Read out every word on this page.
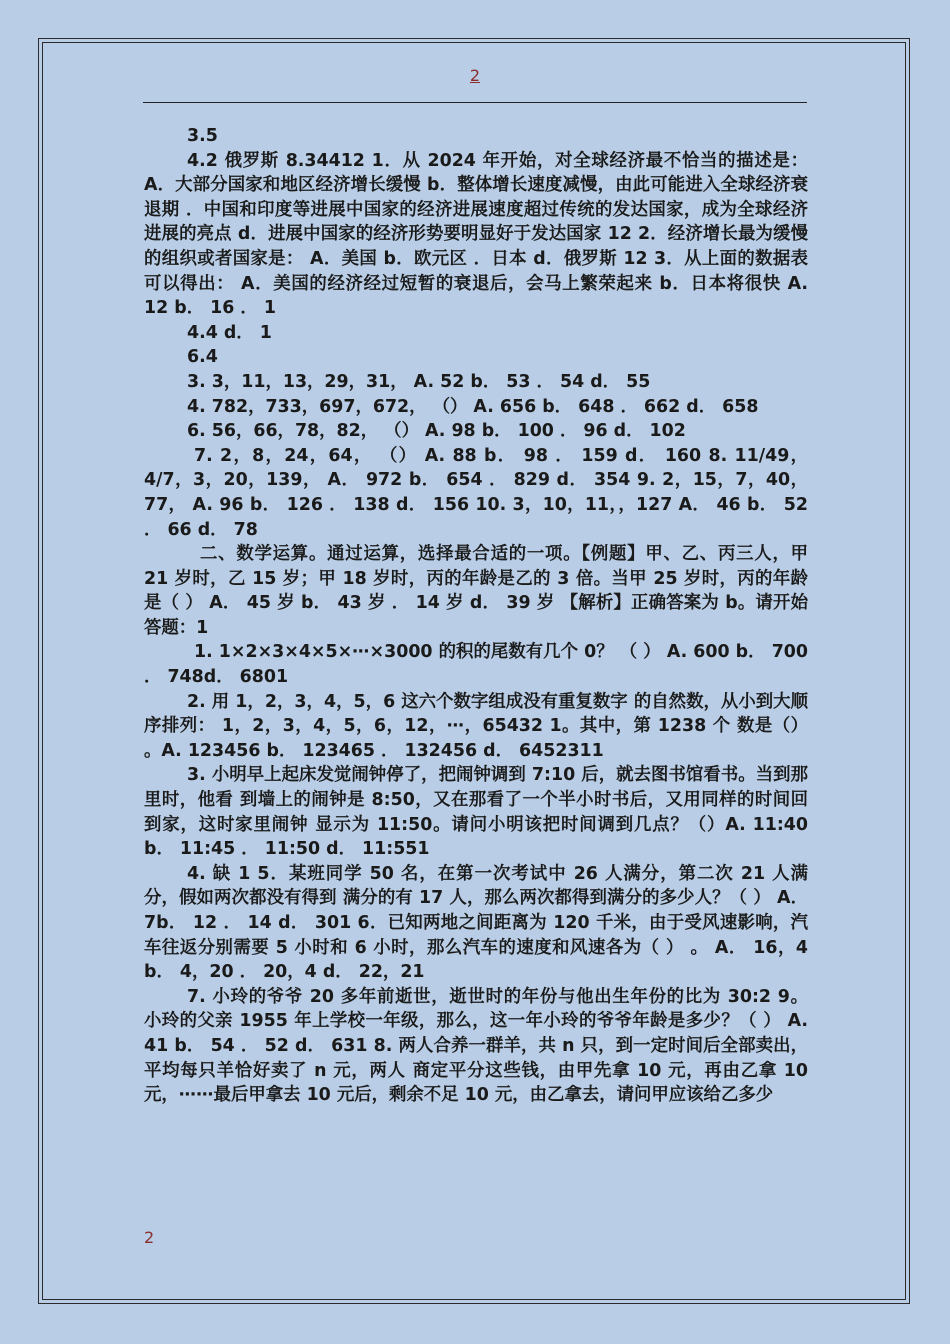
2

3.5

4.2 俄罗斯 8.34412 1．从 2024 年开始，对全球经济最不恰当的描述是： A．大部分国家和地区经济增长缓慢 b．整体增长速度减慢，由此可能进入全球经济衰退期 ．中国和印度等进展中国家的经济进展速度超过传统的发达国家，成为全球经济进展的亮点 d．进展中国家的经济形势要明显好于发达国家 12 2．经济增长最为缓慢的组织或者国家是： A．美国 b．欧元区 ．日本 d．俄罗斯 12 3．从上面的数据表可以得出： A．美国的经济经过短暂的衰退后，会马上繁荣起来 b．日本将很快 A. 12 b． 16 ． 1

4.4 d． 1

6.4

3. 3，11，13，29，31， A. 52 b． 53 ． 54 d． 55

4. 782，733，697，672， （） A. 656 b． 648 ． 662 d． 658

6. 56，66，78，82， （） A. 98 b． 100 ． 96 d． 102

7. 2，8，24，64， （） A. 88 b． 98 ． 159 d． 160 8. 11/49，4/7，3，20，139， A． 972 b． 654 ． 829 d． 354 9. 2，15，7，40，77， A. 96 b． 126 ． 138 d． 156 10. 3，10，11，，127 A． 46 b． 52 ． 66 d． 78

二、数学运算。通过运算，选择最合适的一项。【例题】甲、乙、丙三人，甲 21 岁时，乙 15 岁；甲 18 岁时，丙的年龄是乙的 3 倍。当甲 25 岁时，丙的年龄是（ ） A． 45 岁 b． 43 岁 ． 14 岁 d． 39 岁 【解析】正确答案为 b。请开始答题：1

1. 1×2×3×4×5×⋯×3000 的积的尾数有几个 0？ （ ） A. 600 b． 700 ． 748d． 6801

2. 用 1，2，3，4，5，6 这六个数字组成没有重复数字 的自然数，从小到大顺序排列： 1，2，3，4，5，6，12，⋯，65432 1。其中，第 1238 个 数是（） 。A. 123456 b． 123465 ． 132456 d． 6452311

3. 小明早上起床发觉闹钟停了，把闹钟调到 7:10 后，就去图书馆看书。当到那里时，他看 到墙上的闹钟是 8:50，又在那看了一个半小时书后，又用同样的时间回到家，这时家里闹钟 显示为 11:50。请问小明该把时间调到几点？（）A. 11:40 b． 11:45 ． 11:50 d． 11:551

4. 缺 1 5．某班同学 50 名，在第一次考试中 26 人满分，第二次 21 人满分，假如两次都没有得到 满分的有 17 人，那么两次都得到满分的多少人？（ ） A． 7b． 12 ． 14 d． 301 6．已知两地之间距离为 120 千米，由于受风速影响，汽车往返分别需要 5 小时和 6 小时，那么汽车的速度和风速各为（ ） 。 A． 16，4 b． 4，20 ． 20，4 d． 22，21

7. 小玲的爷爷 20 多年前逝世，逝世时的年份与他出生年份的比为 30:2 9。 小玲的父亲 1955 年上学校一年级，那么，这一年小玲的爷爷年龄是多少？（ ） A. 41 b． 54 ． 52 d． 631 8. 两人合养一群羊，共 n 只，到一定时间后全部卖出，平均每只羊恰好卖了 n 元，两人 商定平分这些钱，由甲先拿 10 元，再由乙拿 10 元，⋯⋯最后甲拿去 10 元后，剩余不足 10 元，由乙拿去，请问甲应该给乙多少

2
